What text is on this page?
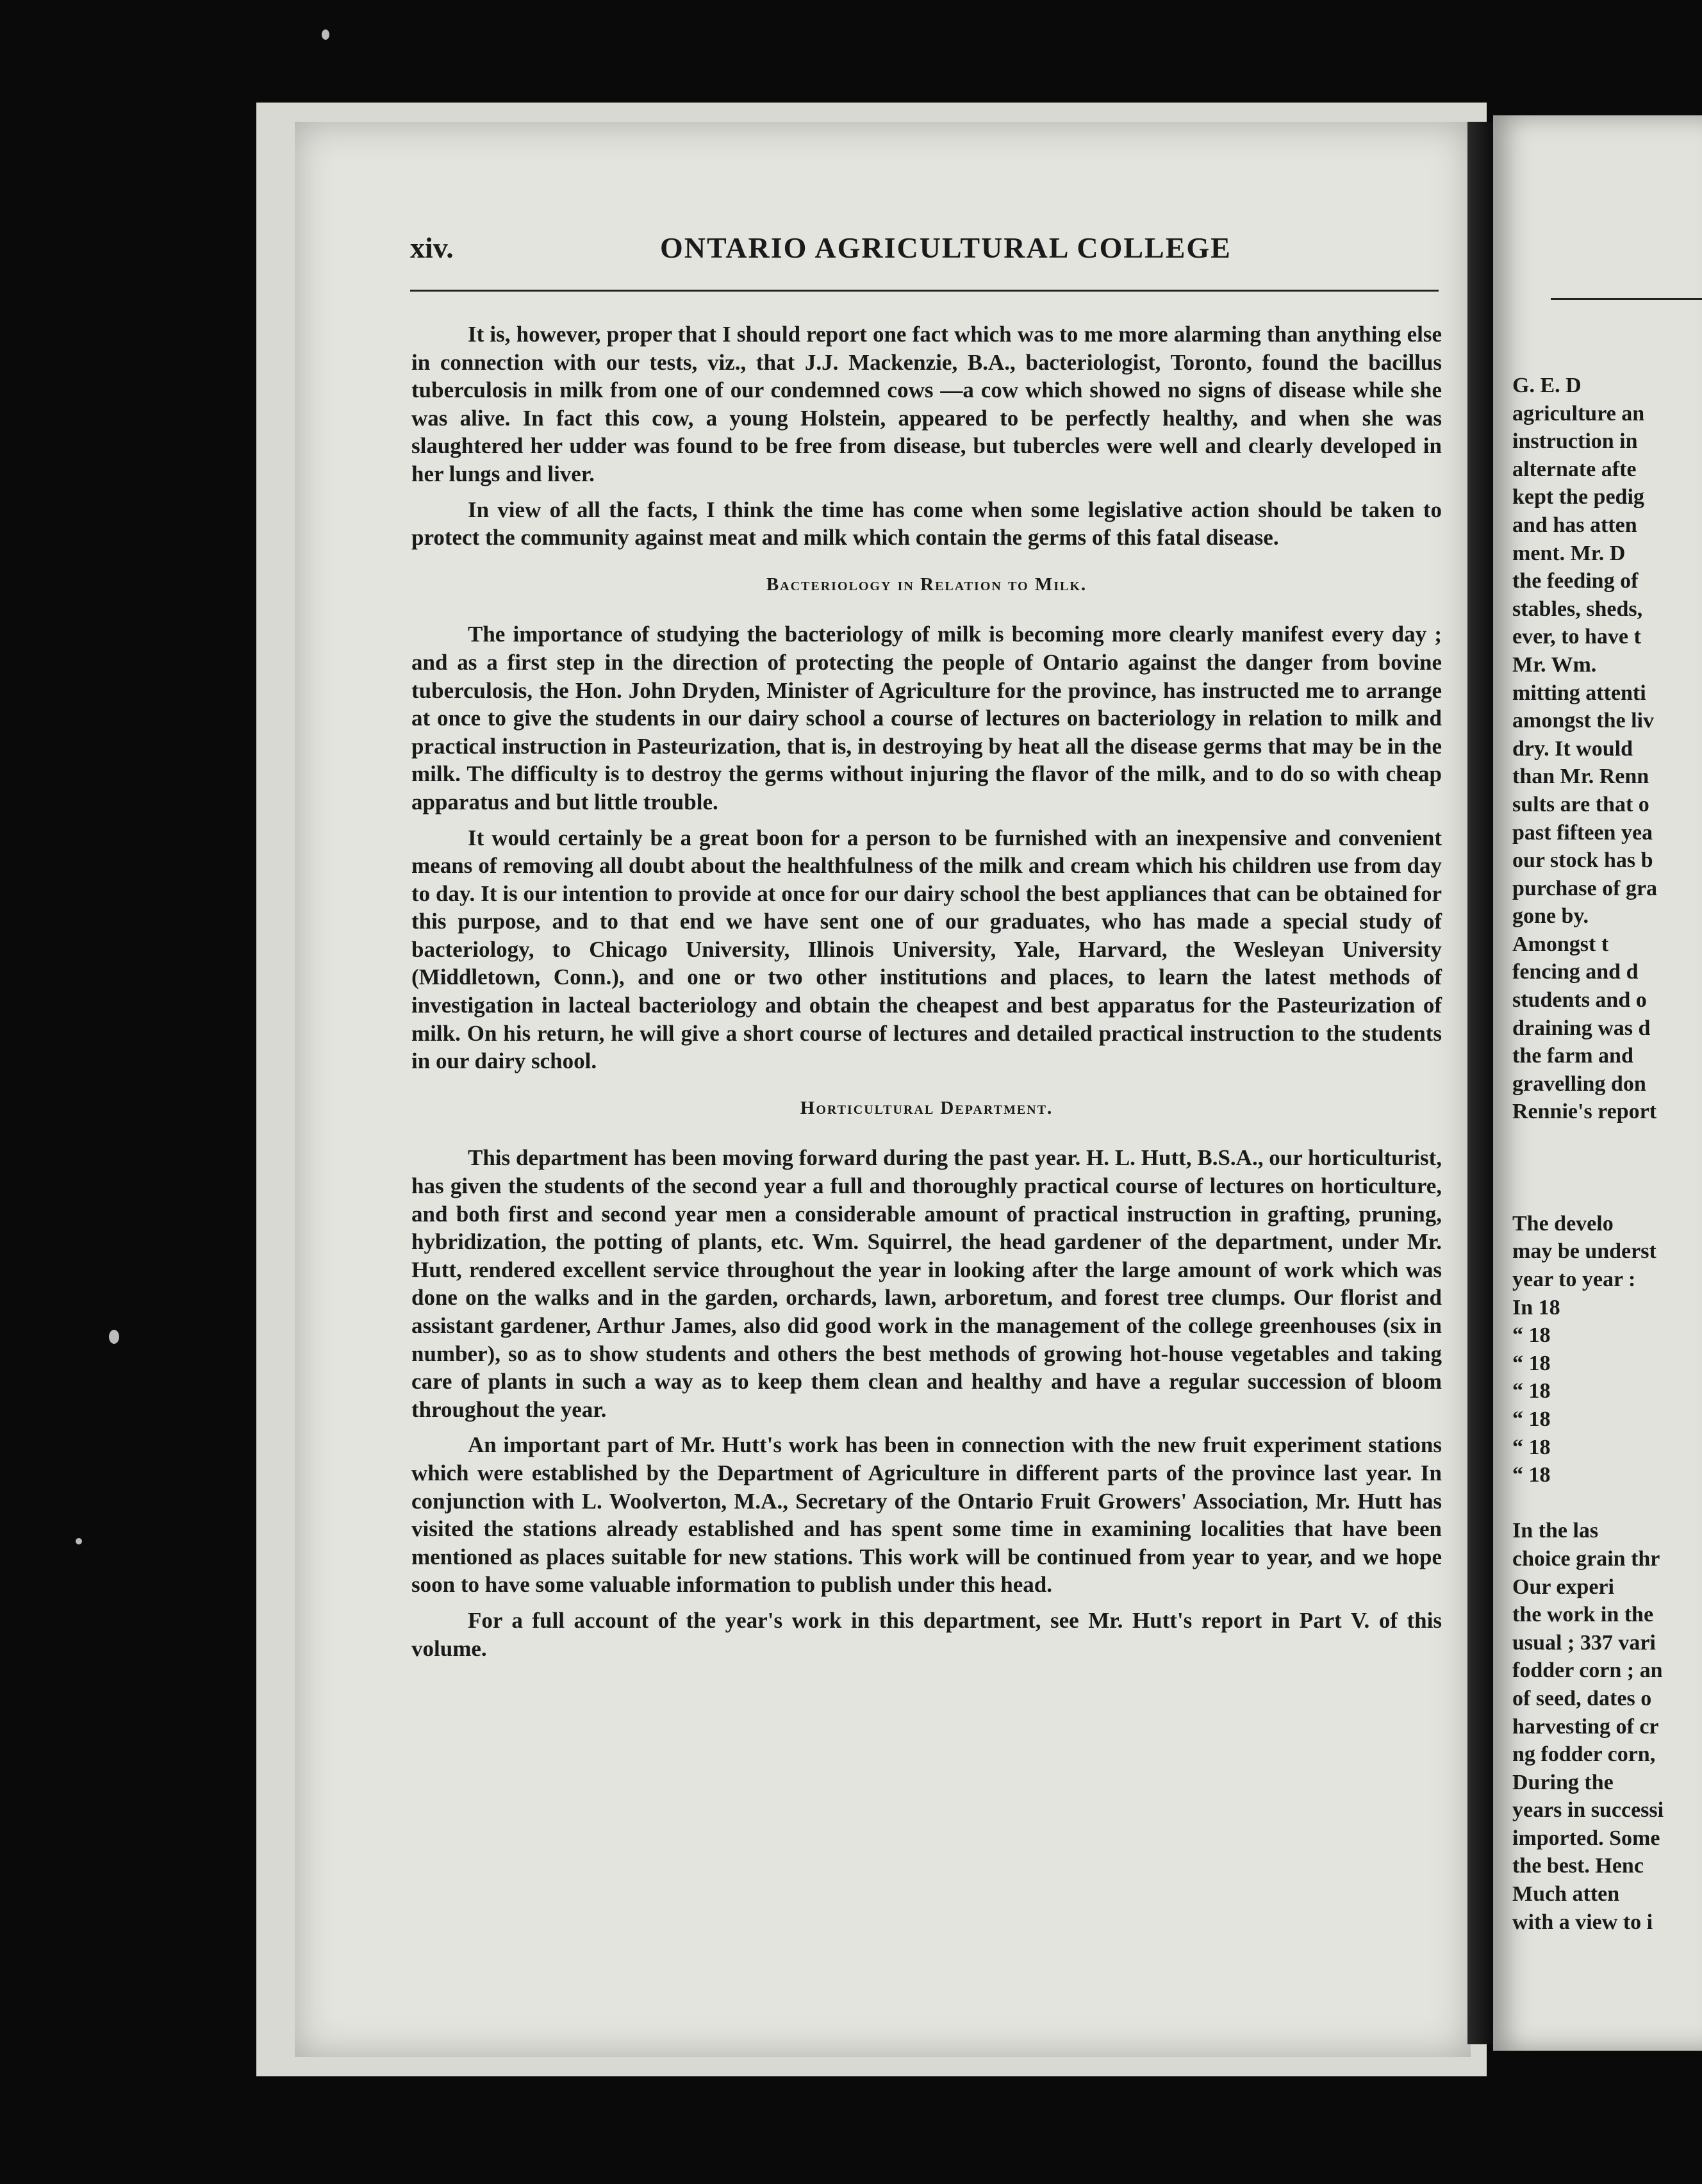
xiv.	ONTARIO AGRICULTURAL COLLEGE

It is, however, proper that I should report one fact which was to me more alarming than anything else in connection with our tests, viz., that J.J. Mackenzie, B.A., bacteriologist, Toronto, found the bacillus tuberculosis in milk from one of our condemned cows —a cow which showed no signs of disease while she was alive. In fact this cow, a young Holstein, appeared to be perfectly healthy, and when she was slaughtered her udder was found to be free from disease, but tubercles were well and clearly developed in her lungs and liver.

In view of all the facts, I think the time has come when some legislative action should be taken to protect the community against meat and milk which contain the germs of this fatal disease.

Bacteriology in Relation to Milk.

The importance of studying the bacteriology of milk is becoming more clearly manifest every day ; and as a first step in the direction of protecting the people of Ontario against the danger from bovine tuberculosis, the Hon. John Dryden, Minister of Agriculture for the province, has instructed me to arrange at once to give the students in our dairy school a course of lectures on bacteriology in relation to milk and practical instruction in Pasteurization, that is, in destroying by heat all the disease germs that may be in the milk. The difficulty is to destroy the germs without injuring the flavor of the milk, and to do so with cheap apparatus and but little trouble.

It would certainly be a great boon for a person to be furnished with an inexpensive and convenient means of removing all doubt about the healthfulness of the milk and cream which his children use from day to day. It is our intention to provide at once for our dairy school the best appliances that can be obtained for this purpose, and to that end we have sent one of our graduates, who has made a special study of bacteriology, to Chicago University, Illinois University, Yale, Harvard, the Wesleyan University (Middletown, Conn.), and one or two other institutions and places, to learn the latest methods of investigation in lacteal bacteriology and obtain the cheapest and best apparatus for the Pasteurization of milk. On his return, he will give a short course of lectures and detailed practical instruction to the students in our dairy school.

Horticultural Department.

This department has been moving forward during the past year. H. L. Hutt, B.S.A., our horticulturist, has given the students of the second year a full and thoroughly practical course of lectures on horticulture, and both first and second year men a considerable amount of practical instruction in grafting, pruning, hybridization, the potting of plants, etc. Wm. Squirrel, the head gardener of the department, under Mr. Hutt, rendered excellent service throughout the year in looking after the large amount of work which was done on the walks and in the garden, orchards, lawn, arboretum, and forest tree clumps. Our florist and assistant gardener, Arthur James, also did good work in the management of the college greenhouses (six in number), so as to show students and others the best methods of growing hot-house vegetables and taking care of plants in such a way as to keep them clean and healthy and have a regular succession of bloom throughout the year.

An important part of Mr. Hutt's work has been in connection with the new fruit experiment stations which were established by the Department of Agriculture in different parts of the province last year. In conjunction with L. Woolverton, M.A., Secretary of the Ontario Fruit Growers' Association, Mr. Hutt has visited the stations already established and has spent some time in examining localities that have been mentioned as places suitable for new stations. This work will be continued from year to year, and we hope soon to have some valuable information to publish under this head.

For a full account of the year's work in this department, see Mr. Hutt's report in Part V. of this volume.

G. E. D
agriculture an
instruction in
alternate afte
kept the pedig
and has atten
ment. Mr. D
the feeding of
stables, sheds,
ever, to have t
Mr. Wm.
mitting attenti
amongst the liv
dry. It would
than Mr. Renn
sults are that o
past fifteen yea
our stock has b
purchase of gra
gone by.
Amongst t
fencing and d
students and o
draining was d
the farm and
gravelling don
Rennie's report
The develo
may be underst
year to year :
In 18
“ 18
“ 18
“ 18
“ 18
“ 18
“ 18
In the las
choice grain thr
Our experi
the work in the
usual ; 337 vari
fodder corn ; an
of seed, dates o
harvesting of cr
ng fodder corn,
During the
years in successi
imported. Some
the best. Henc
Much atten
with a view to i
